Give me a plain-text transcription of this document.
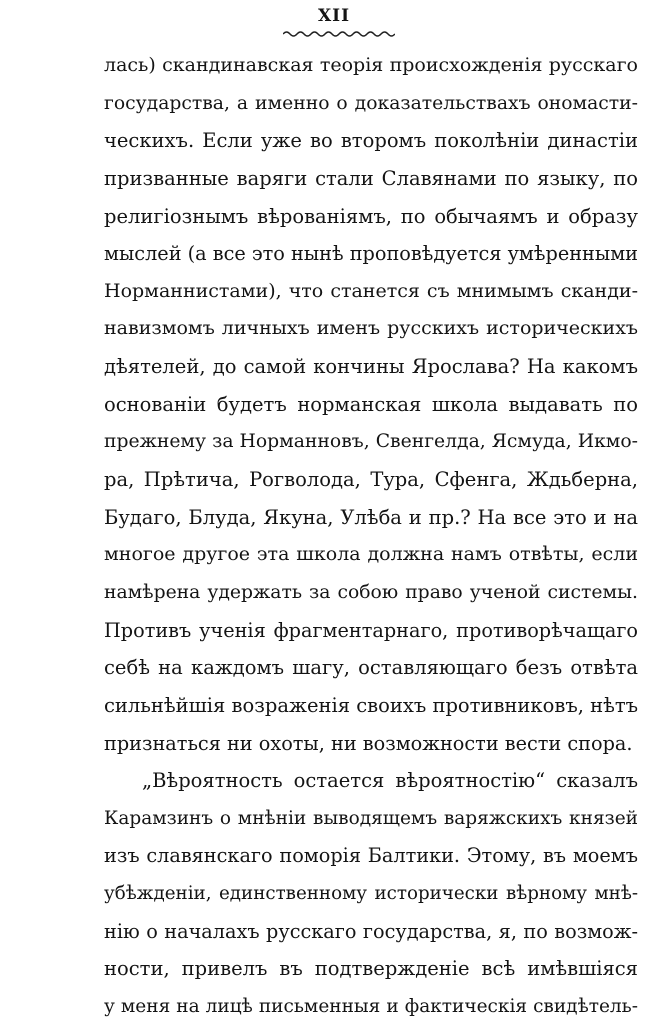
XII
лась) скандинавская теорія происхожденія русскаго
государства, а именно о доказательствахъ ономасти-
ческихъ. Если уже во второмъ поколѣніи династіи
призванные варяги стали Славянами по языку, по
религіознымъ вѣрованіямъ, по обычаямъ и образу
мыслей (а все это нынѣ проповѣдуется умѣренными
Норманнистами), что станется съ мнимымъ сканди-
навизмомъ личныхъ именъ русскихъ историческихъ
дѣятелей, до самой кончины Ярослава? На какомъ
основаніи будетъ норманская школа выдавать по
прежнему за Норманновъ, Свенгелда, Ясмуда, Икмо-
ра, Прѣтича, Рогволода, Тура, Сфенга, Ждьберна,
Будаго, Блуда, Якуна, Улѣба и пр.? На все это и на
многое другое эта школа должна намъ отвѣты, если
намѣрена удержать за собою право ученой системы.
Противъ ученія фрагментарнаго, противорѣчащаго
себѣ на каждомъ шагу, оставляющаго безъ отвѣта
сильнѣйшія возраженія своихъ противниковъ, нѣтъ
признаться ни охоты, ни возможности вести спора.
„Вѣроятность остается вѣроятностію“ сказалъ
Карамзинъ о мнѣніи выводящемъ варяжскихъ князей
изъ славянскаго поморія Балтики. Этому, въ моемъ
убѣжденіи, единственному исторически вѣрному мнѣ-
нію о началахъ русскаго государства, я, по возмож-
ности, привелъ въ подтвержденіе всѣ имѣвшіяся
у меня на лицѣ письменныя и фактическія свидѣтель-
